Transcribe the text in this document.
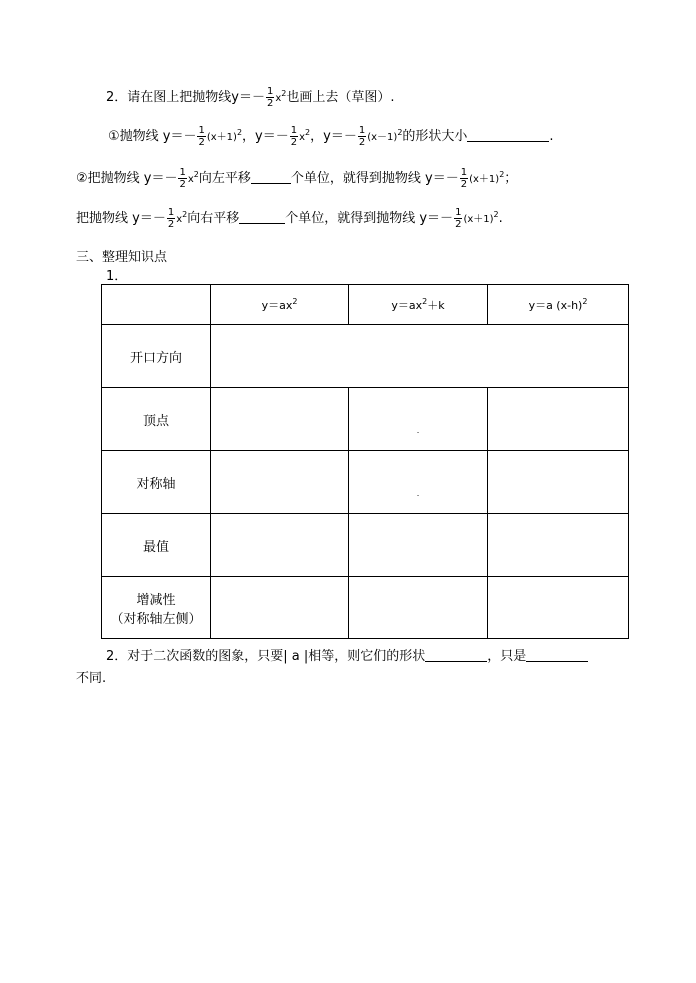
2．请在图上把抛物线$y=- \frac{1}{2} x^2$也画上去（草图）.
①抛物线 $y=- \frac{1}{2} (x+1)^2$，$y=- \frac{1}{2} x^2$，$y=- \frac{1}{2} (x-1)^2$的形状大小	.
②把抛物线 $y=- \frac{1}{2} x^2$向左平移	个单位，就得到抛物线 $y=- \frac{1}{2} (x+1)^2$；
把抛物线 $y=- \frac{1}{2} x^2$向右平移	个单位，就得到抛物线 $y=- \frac{1}{2} (x+1)^2$.
三、整理知识点
1．
	$y=ax^2$	$y=ax^2+k$	y＝a $(x-h)^2$
开口方向			
顶点		$_.$	
对称轴		$_.$	
最值			

增减性
（对称轴左侧）			

2．对于二次函数的图象，只要| a |相等，则它们的形状	，只是
不同.
